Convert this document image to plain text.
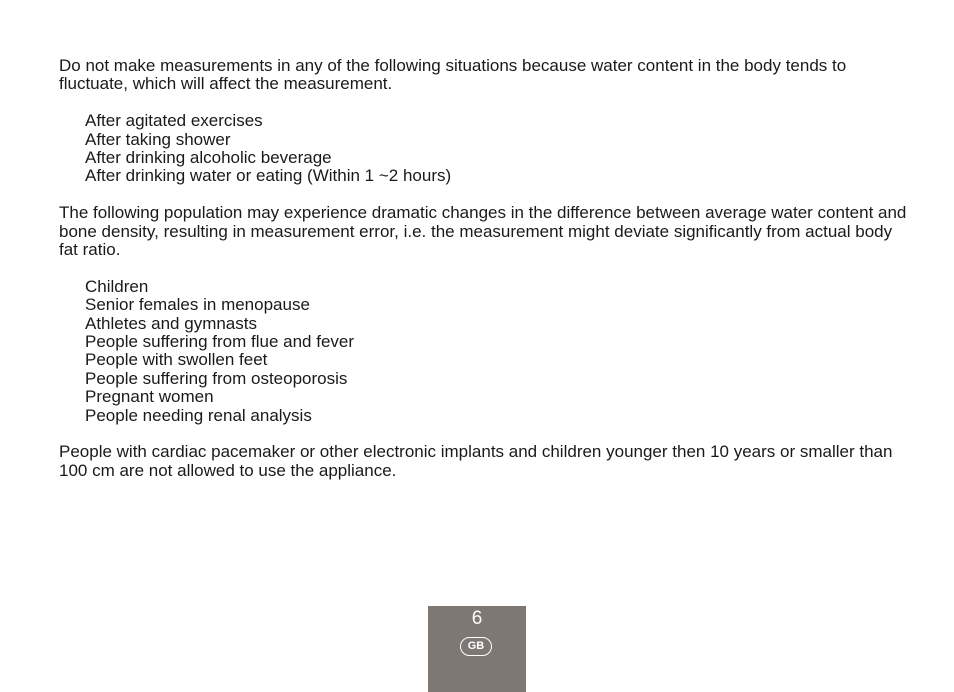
Do not make measurements in any of the following situations because water content in the body tends to fluctuate, which will affect the measurement.

After agitated exercises
After taking shower
After drinking alcoholic beverage
After drinking water or eating (Within 1 ~2 hours)

The following population may experience dramatic changes in the difference between average water content and bone density, resulting in measurement error, i.e. the measurement might deviate significantly from actual body fat ratio.

Children
Senior females in menopause
Athletes and gymnasts
People suffering from flue and fever
People with swollen feet
People suffering from osteoporosis
Pregnant women
People needing renal analysis

People with cardiac pacemaker or other electronic implants and children younger then 10 years or smaller than 100 cm are not allowed to use the appliance.

6
GB
